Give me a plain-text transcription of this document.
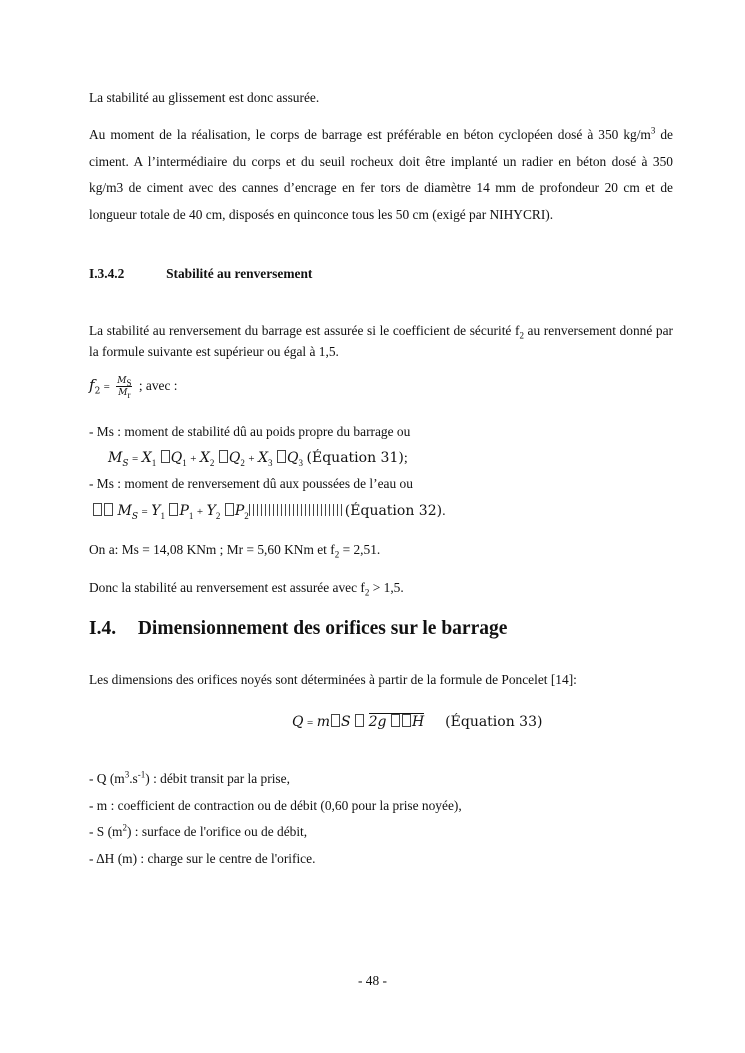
La stabilité au glissement est donc assurée.
Au moment de la réalisation, le corps de barrage est préférable en béton cyclopéen dosé à 350 $kg/m^3$ de ciment. A l’intermédiaire du corps et du seuil rocheux doit être implanté un radier en béton dosé à 350 kg/m3 de ciment avec des cannes d’encrage en fer tors de diamètre 14 mm de profondeur 20 cm et de longueur totale de 40 cm, disposés en quinconce tous les 50 cm (exigé par NIHYCRI).
I.3.4.2	Stabilité au renversement
La stabilité au renversement du barrage est assurée si le coefficient de sécurité $f_2$ au renversement donné par la formule suivante est supérieur ou égal à 1,5.
$f_2 = \frac{M_S}{M_r}$ ; avec :
- Ms : moment de stabilité dû au poids propre du barrage ou
$M_S = X_1$ $Q_1 + X_2$ $Q_2 + X_3$ $Q_3$ (Équation 31);
- Ms : moment de renversement dû aux poussées de l’eau ou
$M_S = Y_1$ $P_1 + Y_2$ $P_2$	(Équation 32).
On a: Ms = 14,08 KNm ; Mr = 5,60 KNm et $f_2 = 2,51$.
Donc la stabilité au renversement est assurée avec $f_2 > 1,5$.
I.4. Dimensionnement des orifices sur le barrage
Les dimensions des orifices noyés sont déterminées à partir de la formule de Poncelet [14]:
Q = m S 2g H (Équation 33)
- Q $(m^3.s^{-1})$ : débit transit par la prise,
- m : coefficient de contraction ou de débit (0,60 pour la prise noyée),
- S $(m^2)$ : surface de l'orifice ou de débit,
- ΔH (m) : charge sur le centre de l'orifice.
- 48 -
